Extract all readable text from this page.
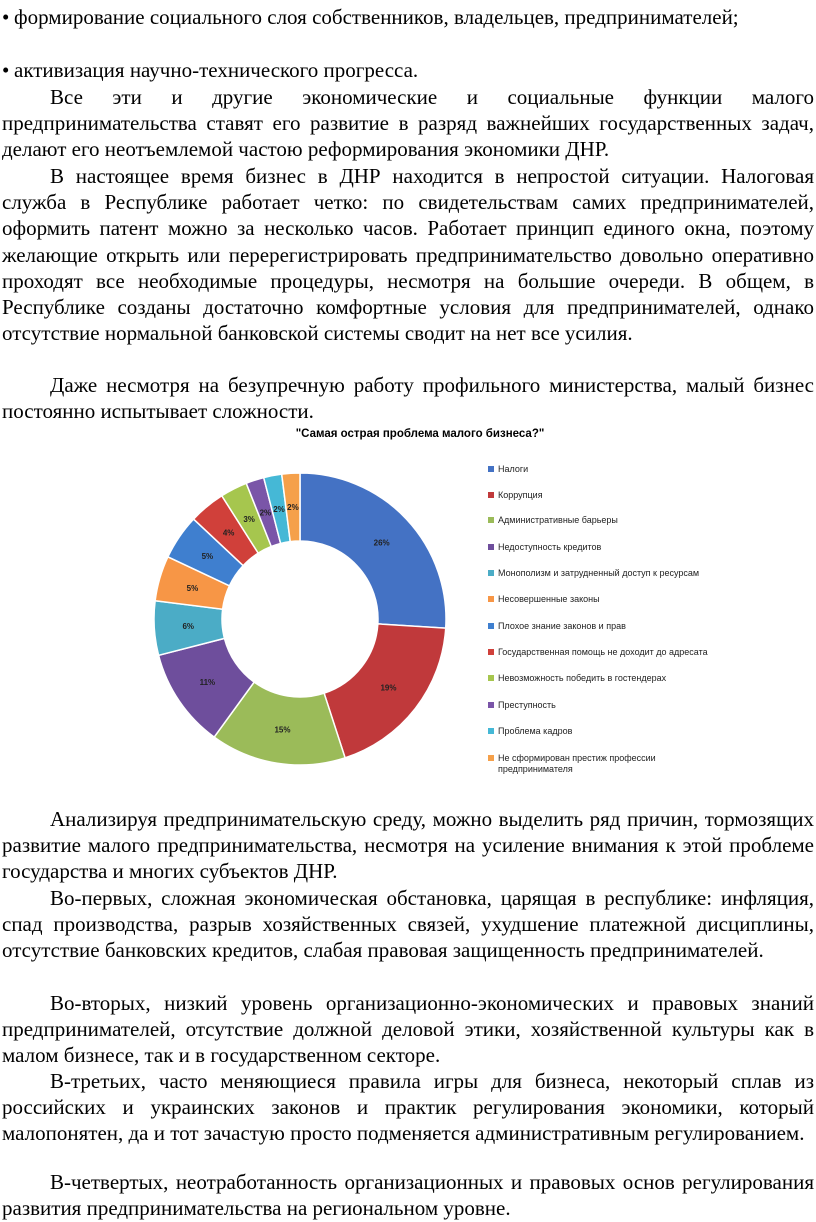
• формирование социального слоя собственников, владельцев, предпринимателей;

• активизация научно-технического прогресса.

Все эти и другие экономические и социальные функции малого предпринимательства ставят его развитие в разряд важнейших государственных задач, делают его неотъемлемой частою реформирования экономики ДНР.

В настоящее время бизнес в ДНР находится в непростой ситуации. Налоговая служба в Республике работает четко: по свидетельствам самих предпринимателей, оформить патент можно за несколько часов. Работает принцип единого окна, поэтому желающие открыть или перерегистрировать предпринимательство довольно оперативно проходят все необходимые процедуры, несмотря на большие очереди. В общем, в Республике созданы достаточно комфортные условия для предпринимателей, однако отсутствие нормальной банковской системы сводит на нет все усилия.

Даже несмотря на безупречную работу профильного министерства, малый бизнес постоянно испытывает сложности.

"Самая острая проблема малого бизнеса?"
26%
19%
15%
11%
6%
5%
5%
4%
3%
2% 2% 2%
Налоги
Коррупция
Административные барьеры
Недоступность кредитов
Монополизм и затрудненный доступ к ресурсам
Несовершенные законы
Плохое знание законов и прав
Государственная помощь не доходит до адресата
Невозможность победить в гостендерах
Преступность
Проблема кадров
Не сформирован престиж профессии предпринимателя

Анализируя предпринимательскую среду, можно выделить ряд причин, тормозящих развитие малого предпринимательства, несмотря на усиление внимания к этой проблеме государства и многих субъектов ДНР.

Во-первых, сложная экономическая обстановка, царящая в республике: инфляция, спад производства, разрыв хозяйственных связей, ухудшение платежной дисциплины, отсутствие банковских кредитов, слабая правовая защищенность предпринимателей.

Во-вторых, низкий уровень организационно-экономических и правовых знаний предпринимателей, отсутствие должной деловой этики, хозяйственной культуры как в малом бизнесе, так и в государственном секторе.

В-третьих, часто меняющиеся правила игры для бизнеса, некоторый сплав из российских и украинских законов и практик регулирования экономики, который малопонятен, да и тот зачастую просто подменяется административным регулированием.

В-четвертых, неотработанность организационных и правовых основ регулирования развития предпринимательства на региональном уровне.
